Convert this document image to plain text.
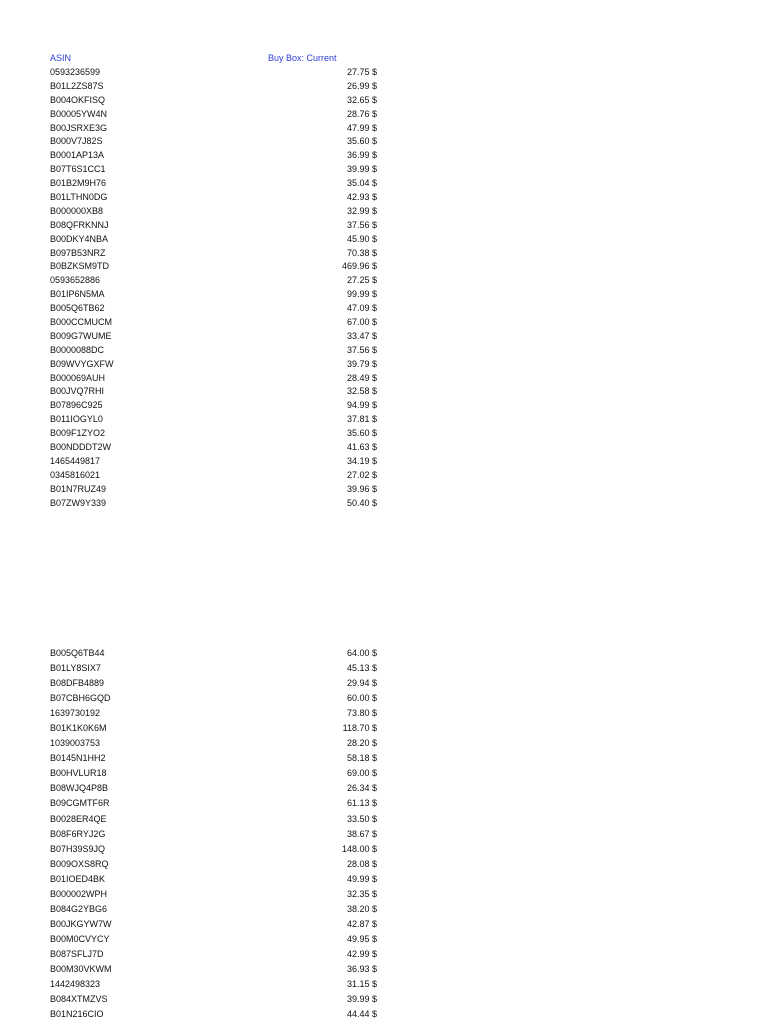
ASIN	Buy Box: Current
0593236599	27.75 $
B01L2ZS87S	26.99 $
B004OKFISQ	32.65 $
B00005YW4N	28.76 $
B00JSRXE3G	47.99 $
B000V7J82S	35.60 $
B0001AP13A	36.99 $
B07T6S1CC1	39.99 $
B01B2M9H76	35.04 $
B01LTHN0DG	42.93 $
B000000XB8	32.99 $
B08QFRKNNJ	37.56 $
B00DKY4NBA	45.90 $
B097B53NRZ	70.38 $
B0BZKSM9TD	469.96 $
0593652886	27.25 $
B01IP6N5MA	99.99 $
B005Q6TB62	47.09 $
B000CCMUCM	67.00 $
B009G7WUME	33.47 $
B0000088DC	37.56 $
B09WVYGXFW	39.79 $
B000069AUH	28.49 $
B00JVQ7RHI	32.58 $
B07896C925	94.99 $
B011IOGYL0	37.81 $
B009F1ZYO2	35.60 $
B00NDDDT2W	41.63 $
1465449817	34.19 $
0345816021	27.02 $
B01N7RUZ49	39.96 $
B07ZW9Y339	50.40 $
B005Q6TB44	64.00 $
B01LY8SIX7	45.13 $
B08DFB4889	29.94 $
B07CBH6GQD	60.00 $
1639730192	73.80 $
B01K1K0K6M	118.70 $
1039003753	28.20 $
B0145N1HH2	58.18 $
B00HVLUR18	69.00 $
B08WJQ4P8B	26.34 $
B09CGMTF6R	61.13 $
B0028ER4QE	33.50 $
B08F6RYJ2G	38.67 $
B07H39S9JQ	148.00 $
B009OXS8RQ	28.08 $
B01IOED4BK	49.99 $
B000002WPH	32.35 $
B084G2YBG6	38.20 $
B00JKGYW7W	42.87 $
B00M0CVYCY	49.95 $
B087SFLJ7D	42.99 $
B00M30VKWM	36.93 $
1442498323	31.15 $
B084XTMZVS	39.99 $
B01N216CIO	44.44 $
